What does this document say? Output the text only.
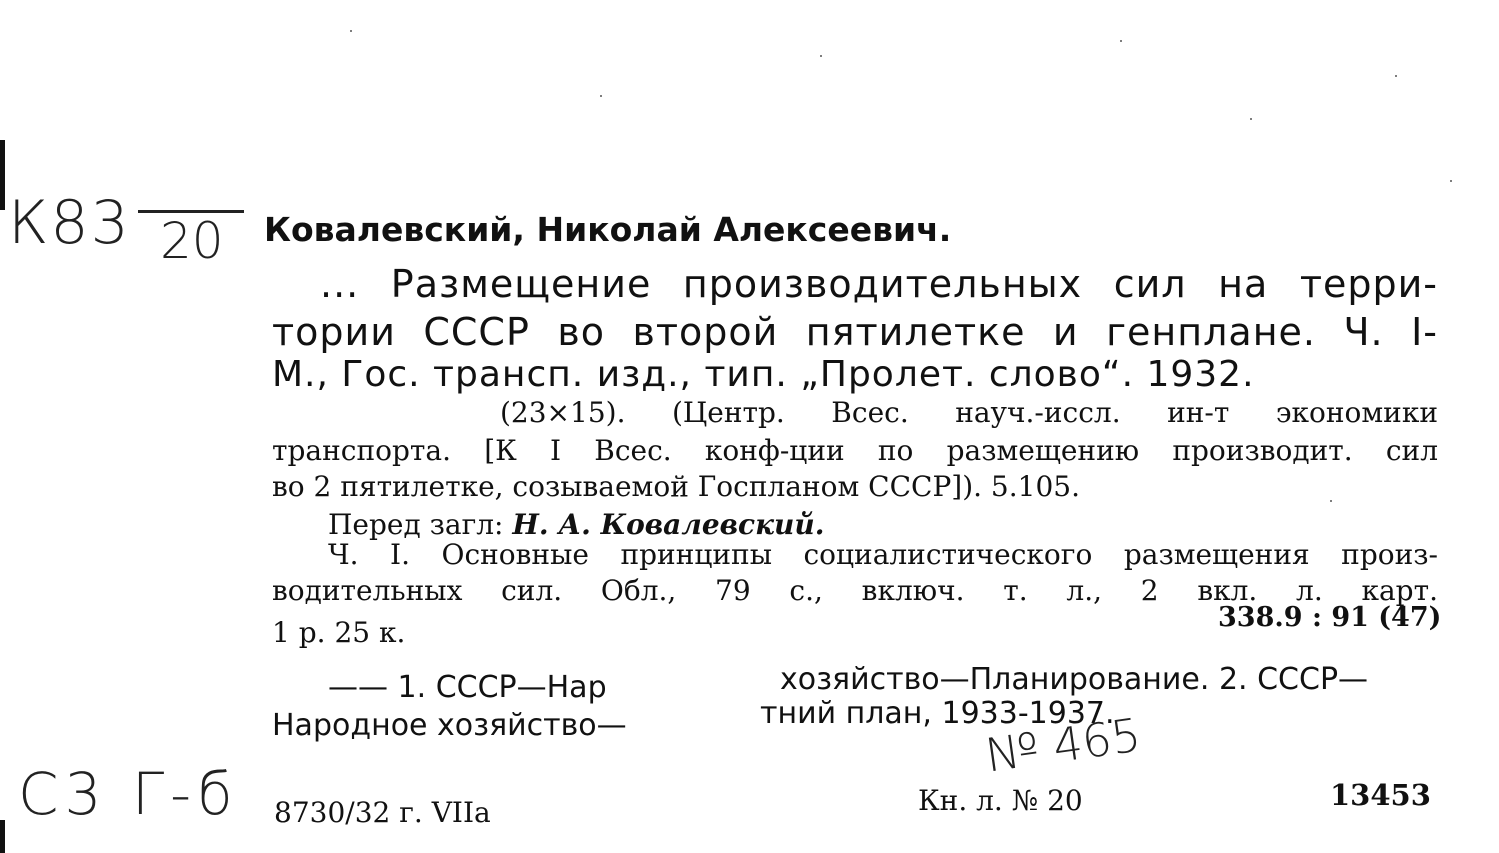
К83 20 Ковалевский, Николай Алексеевич.
... Размещение производительных сил на терри-
тории СССР во второй пятилетке и генплане. Ч. I-
М., Гос. трансп. изд., тип. „Пролет. слово“. 1932.
(23×15). (Центр. Всес. науч.-иссл. ин-т экономики
транспорта. [К I Всес. конф-ции по размещению производит. сил
во 2 пятилетке, созываемой Госпланом СССР]). 5.105.
Перед загл: Н. А. Ковалевский.
Ч. I. Основные принципы социалистического размещения произ-
водительных сил. Обл., 79 с., включ. т. л., 2 вкл. л. карт.
1 р. 25 к.	338.9 : 91 (47)
—— 1. СССР—Нар	хозяйство—Планирование. 2. СССР—
Народное хозяйство—	тний план, 1933-1937.
№ 465
С3 Г-б 8730/32 г. VIIa	Кн. л. № 20	13453
